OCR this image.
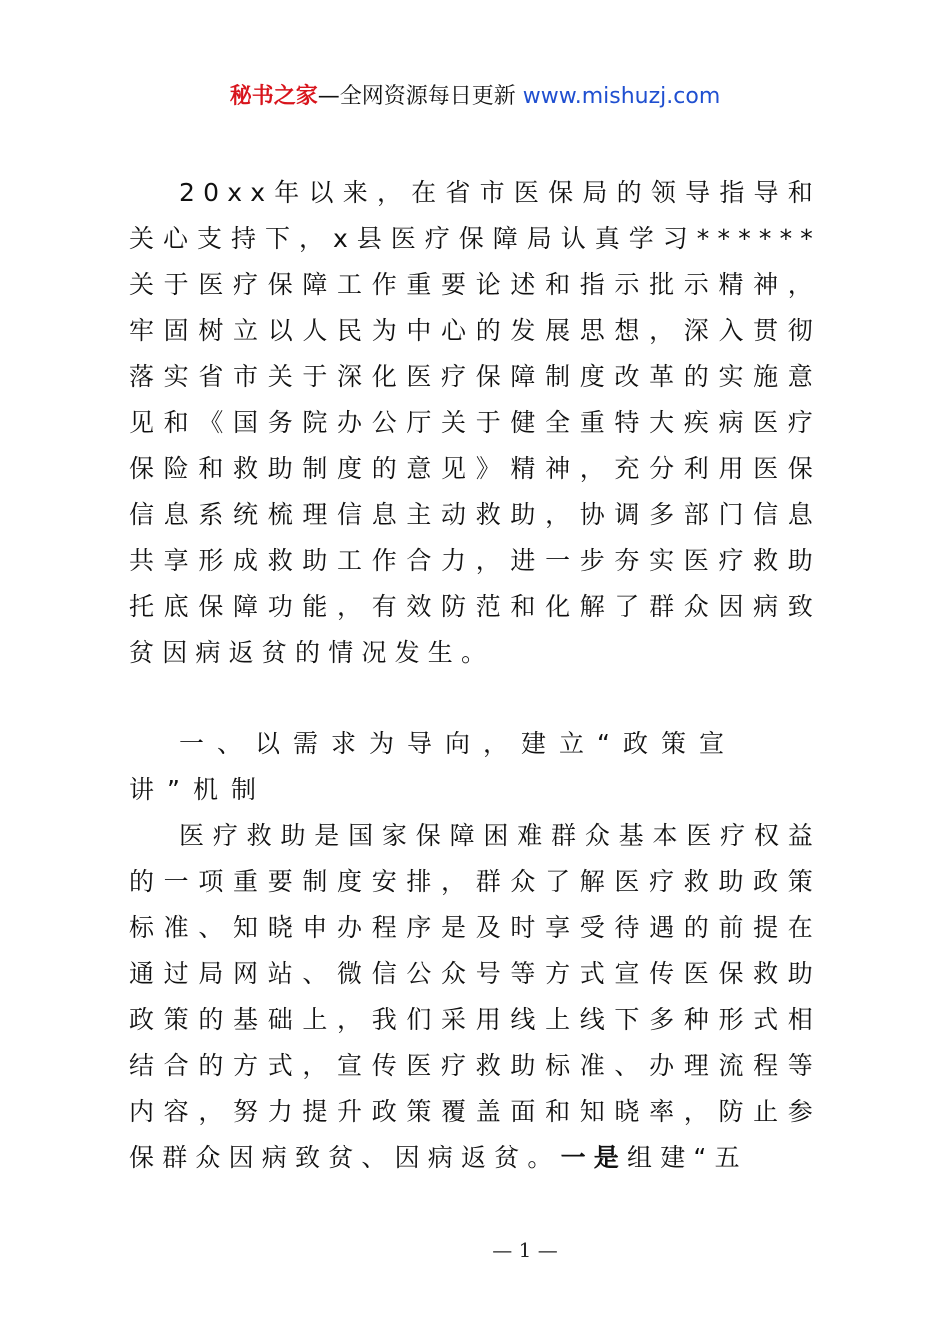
秘书之家—全网资源每日更新 www.mishuzj.com

20xx年以来，在省市医保局的领导指导和关心支持下，x县医疗保障局认真学习******关于医疗保障工作重要论述和指示批示精神，牢固树立以人民为中心的发展思想，深入贯彻落实省市关于深化医疗保障制度改革的实施意见和《国务院办公厅关于健全重特大疾病医疗保险和救助制度的意见》精神，充分利用医保信息系统梳理信息主动救助，协调多部门信息共享形成救助工作合力，进一步夯实医疗救助托底保障功能，有效防范和化解了群众因病致贫因病返贫的情况发生。

一、以需求为导向，建立“政策宣讲”机制

医疗救助是国家保障困难群众基本医疗权益的一项重要制度安排，群众了解医疗救助政策标准、知晓申办程序是及时享受待遇的前提在通过局网站、微信公众号等方式宣传医保救助政策的基础上，我们采用线上线下多种形式相结合的方式，宣传医疗救助标准、办理流程等内容，努力提升政策覆盖面和知晓率，防止参保群众因病致贫、因病返贫。一是组建“五

— 1 —
